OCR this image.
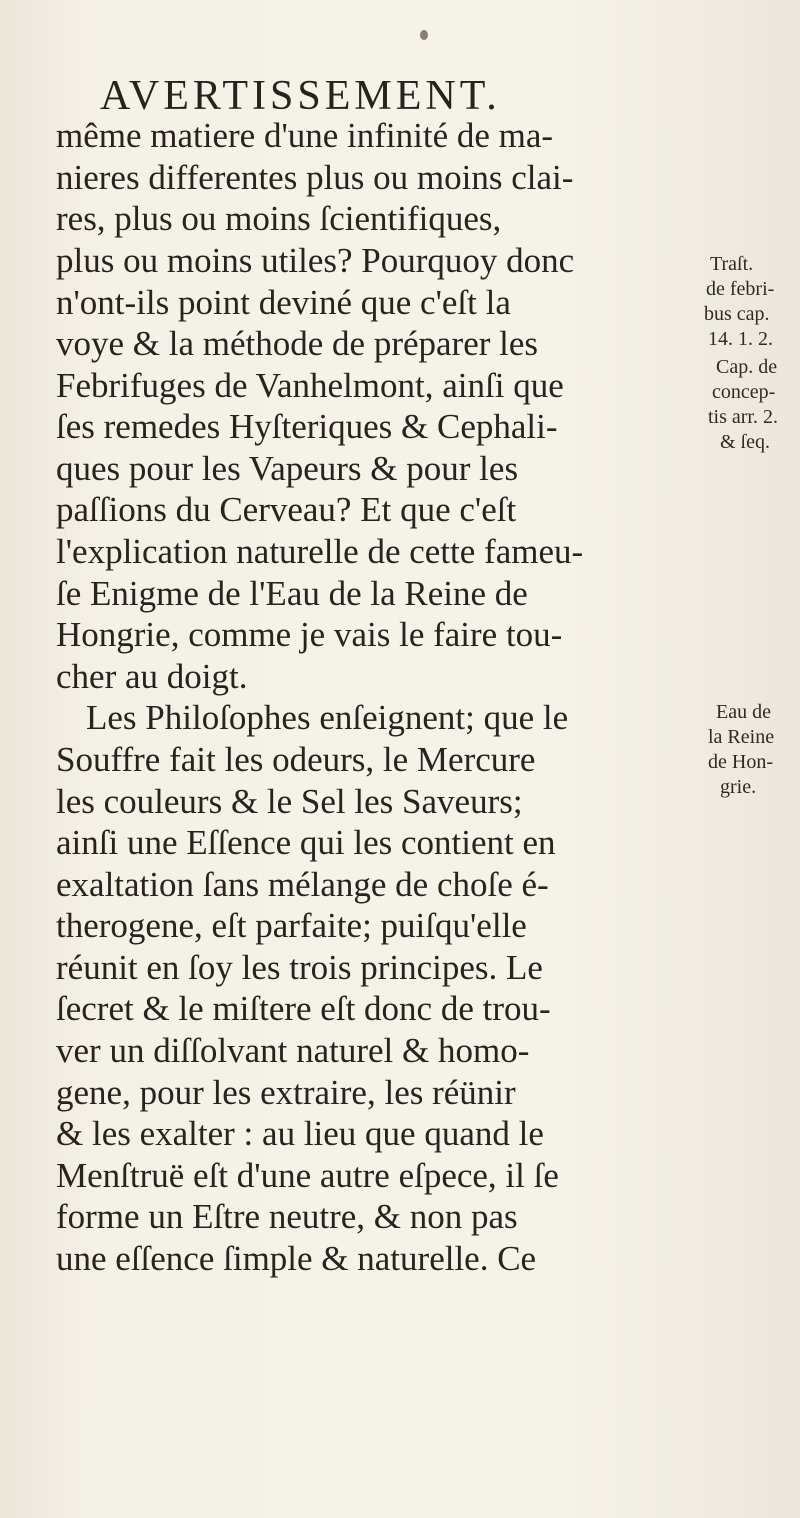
AVERTISSEMENT.
même matiere d'une infinité de ma-
nieres differentes plus ou moins clai-
res, plus ou moins ſcientifiques,
plus ou moins utiles? Pourquoy donc
n'ont-ils point deviné que c'eſt la
voye & la méthode de préparer les
Febrifuges de Vanhelmont, ainſi que
ſes remedes Hyſteriques & Cephali-
ques pour les Vapeurs & pour les
paſſions du Cerveau? Et que c'eſt
l'explication naturelle de cette fameu-
ſe Enigme de l'Eau de la Reine de
Hongrie, comme je vais le faire tou-
cher au doigt.
Les Philoſophes enſeignent; que le
Souffre fait les odeurs, le Mercure
les couleurs & le Sel les Saveurs;
ainſi une Eſſence qui les contient en
exaltation ſans mélange de choſe é-
therogene, eſt parfaite; puiſqu'elle
réunit en ſoy les trois principes. Le
ſecret & le miſtere eſt donc de trou-
ver un diſſolvant naturel & homo-
gene, pour les extraire, les réünir
& les exalter : au lieu que quand le
Menſtruë eſt d'une autre eſpece, il ſe
forme un Eſtre neutre, & non pas
une eſſence ſimple & naturelle. Ce
Traſt.
de febri-
bus cap.
14. 1. 2.
Cap. de
concep-
tis arr. 2.
& ſeq.
Eau de
la Reine
de Hon-
grie.
